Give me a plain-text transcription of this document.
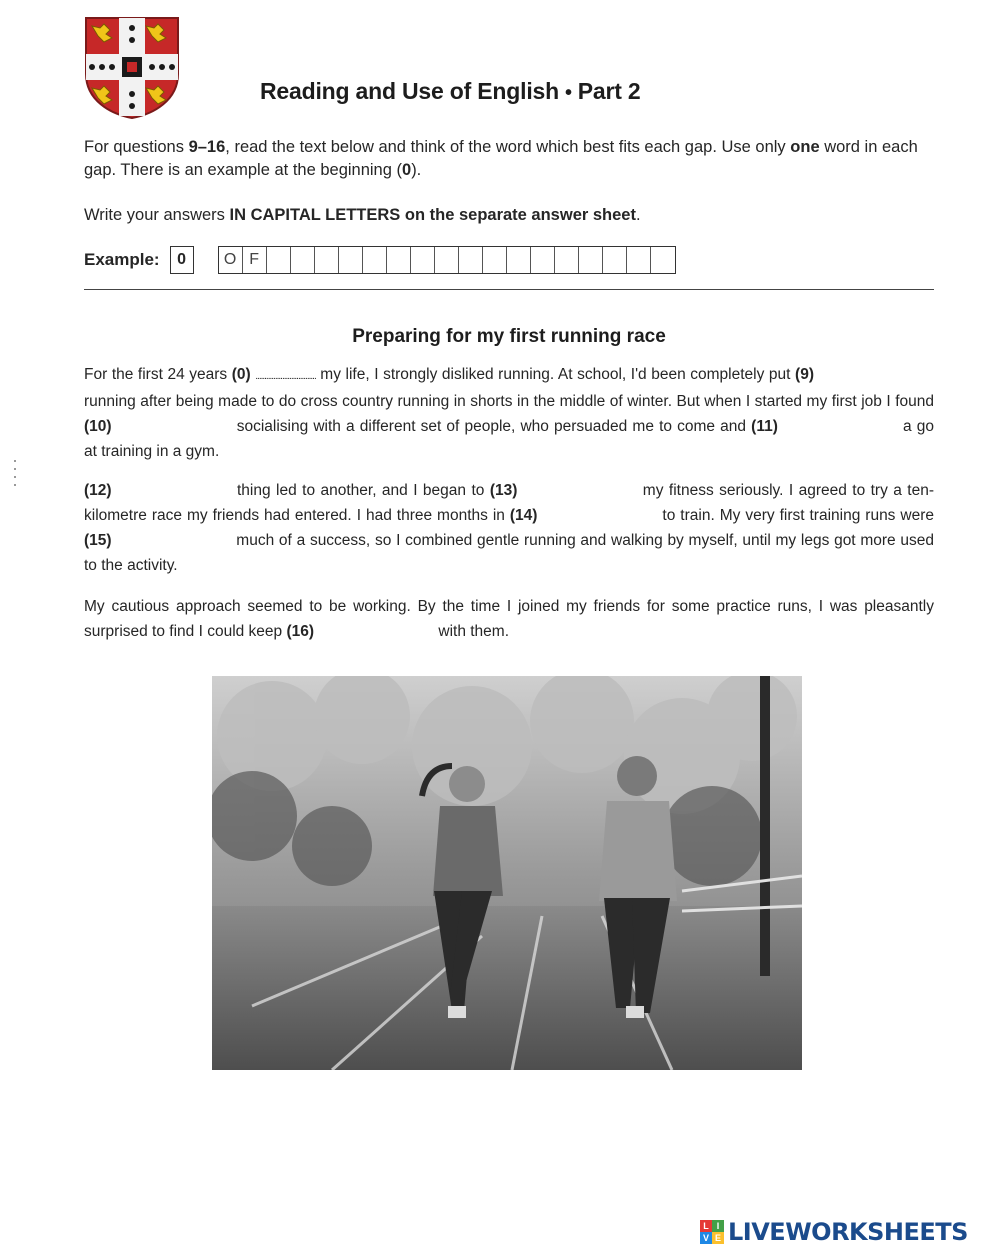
Reading and Use of English • Part 2
For questions 9–16, read the text below and think of the word which best fits each gap. Use only one word in each gap. There is an example at the beginning (0).
Write your answers IN CAPITAL LETTERS on the separate answer sheet.
Example:	0	O F
Preparing for my first running race
For the first 24 years (0) .................................. my life, I strongly disliked running. At school, I'd been completely put (9) running after being made to do cross country running in shorts in the middle of winter. But when I started my first job I found (10)	socialising with a different set of people, who persuaded me to come and (11)	a go at training in a gym.
(12)	thing led to another, and I began to (13)	my fitness seriously. I agreed to try a ten-kilometre race my friends had entered. I had three months in (14)	to train. My very first training runs were (15)	much of a success, so I combined gentle running and walking by myself, until my legs got more used to the activity.
My cautious approach seemed to be working. By the time I joined my friends for some practice runs, I was pleasantly surprised to find I could keep (16)	with them.
L I
V E LIVEWORKSHEETS
